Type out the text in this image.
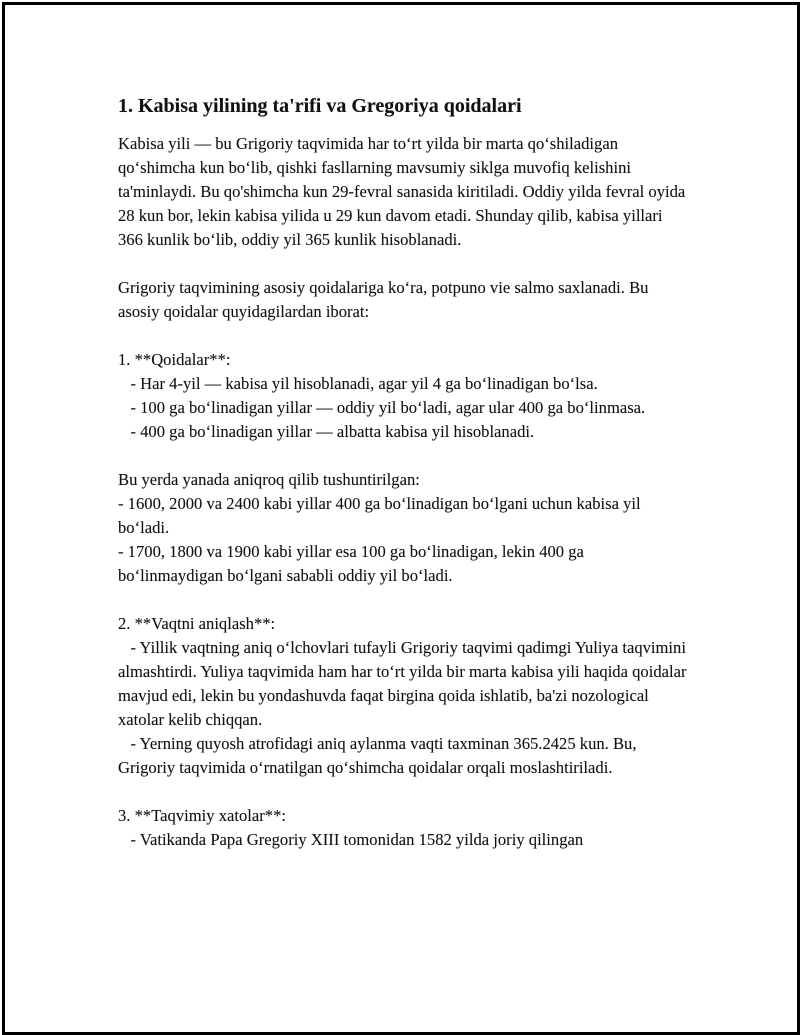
1. Kabisa yilining ta'rifi va Gregoriya qoidalari
Kabisa yili — bu Grigoriy taqvimida har to‘rt yilda bir marta qo‘shiladigan qo‘shimcha kun bo‘lib, qishki fasllarning mavsumiy siklga muvofiq kelishini ta'minlaydi. Bu qo'shimcha kun 29-fevral sanasida kiritiladi. Oddiy yilda fevral oyida 28 kun bor, lekin kabisa yilida u 29 kun davom etadi. Shunday qilib, kabisa yillari 366 kunlik bo‘lib, oddiy yil 365 kunlik hisoblanadi.
Grigoriy taqvimining asosiy qoidalariga ko‘ra, potpuno vie salmo saxlanadi. Bu asosiy qoidalar quyidagilardan iborat:
1. **Qoidalar**:
- Har 4-yil — kabisa yil hisoblanadi, agar yil 4 ga bo‘linadigan bo‘lsa.
- 100 ga bo‘linadigan yillar — oddiy yil bo‘ladi, agar ular 400 ga bo‘linmasa.
- 400 ga bo‘linadigan yillar — albatta kabisa yil hisoblanadi.
Bu yerda yanada aniqroq qilib tushuntirilgan:
- 1600, 2000 va 2400 kabi yillar 400 ga bo‘linadigan bo‘lgani uchun kabisa yil bo‘ladi.
- 1700, 1800 va 1900 kabi yillar esa 100 ga bo‘linadigan, lekin 400 ga bo‘linmaydigan bo‘lgani sababli oddiy yil bo‘ladi.
2. **Vaqtni aniqlash**:
- Yillik vaqtning aniq o‘lchovlari tufayli Grigoriy taqvimi qadimgi Yuliya taqvimini almashtirdi. Yuliya taqvimida ham har to‘rt yilda bir marta kabisa yili haqida qoidalar mavjud edi, lekin bu yondashuvda faqat birgina qoida ishlatib, ba'zi nozological xatolar kelib chiqqan.
- Yerning quyosh atrofidagi aniq aylanma vaqti taxminan 365.2425 kun. Bu, Grigoriy taqvimida o‘rnatilgan qo‘shimcha qoidalar orqali moslashtiriladi.
3. **Taqvimiy xatolar**:
- Vatikanda Papa Gregoriy XIII tomonidan 1582 yilda joriy qilingan
